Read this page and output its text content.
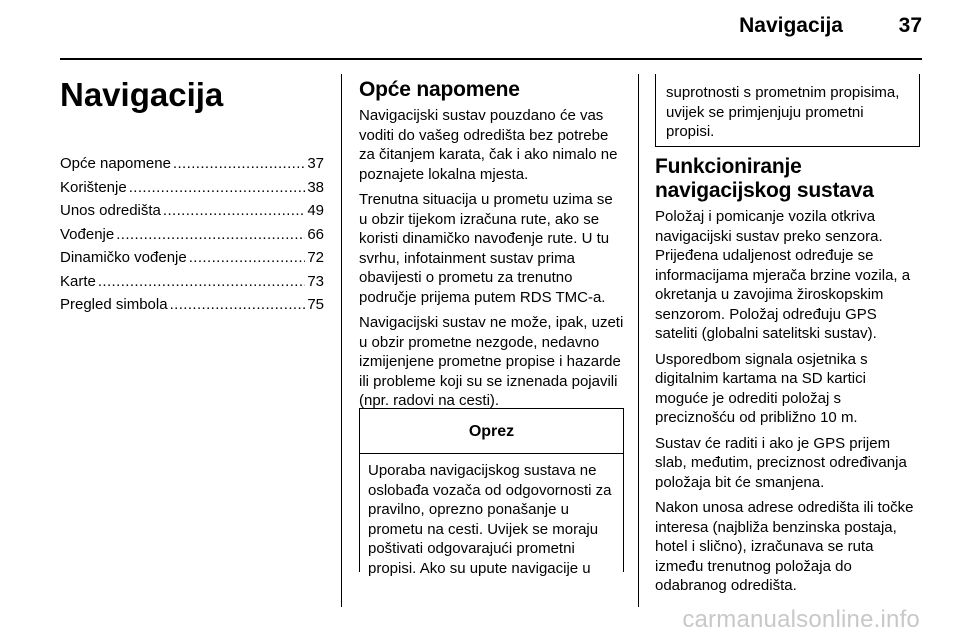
Navigacija	37
Navigacija
Opće napomene .....	37
Korištenje .....	38
Unos odredišta .....	49
Vođenje .....	66
Dinamičko vođenje .....	72
Karte .....	73
Pregled simbola .....	75
Opće napomene

Navigacijski sustav pouzdano će vas voditi do vašeg odredišta bez potrebe za čitanjem karata, čak i ako nimalo ne poznajete lokalna mjesta.

Trenutna situacija u prometu uzima se u obzir tijekom izračuna rute, ako se koristi dinamičko navođenje rute. U tu svrhu, infotainment sustav prima obavijesti o prometu za trenutno područje prijema putem RDS TMC-a.

Navigacijski sustav ne može, ipak, uzeti u obzir prometne nezgode, nedavno izmijenjene prometne propise i hazarde ili probleme koji su se iznenada pojavili (npr. radovi na cesti).

Oprez
Uporaba navigacijskog sustava ne oslobađa vozača od odgovornosti za pravilno, oprezno ponašanje u prometu na cesti. Uvijek se moraju poštivati odgovarajući prometni propisi. Ako su upute navigacije u
suprotnosti s prometnim propisima, uvijek se primjenjuju prometni propisi.
Funkcioniranje navigacijskog sustava

Položaj i pomicanje vozila otkriva navigacijski sustav preko senzora. Prijeđena udaljenost određuje se informacijama mjerača brzine vozila, a okretanja u zavojima žiroskopskim senzorom. Položaj određuju GPS sateliti (globalni satelitski sustav).

Usporedbom signala osjetnika s digitalnim kartama na SD kartici moguće je odrediti položaj s preciznošću od približno 10 m.

Sustav će raditi i ako je GPS prijem slab, međutim, preciznost određivanja položaja bit će smanjena.

Nakon unosa adrese odredišta ili točke interesa (najbliža benzinska postaja, hotel i slično), izračunava se ruta između trenutnog položaja do odabranog odredišta.

carmanualsonline.info
